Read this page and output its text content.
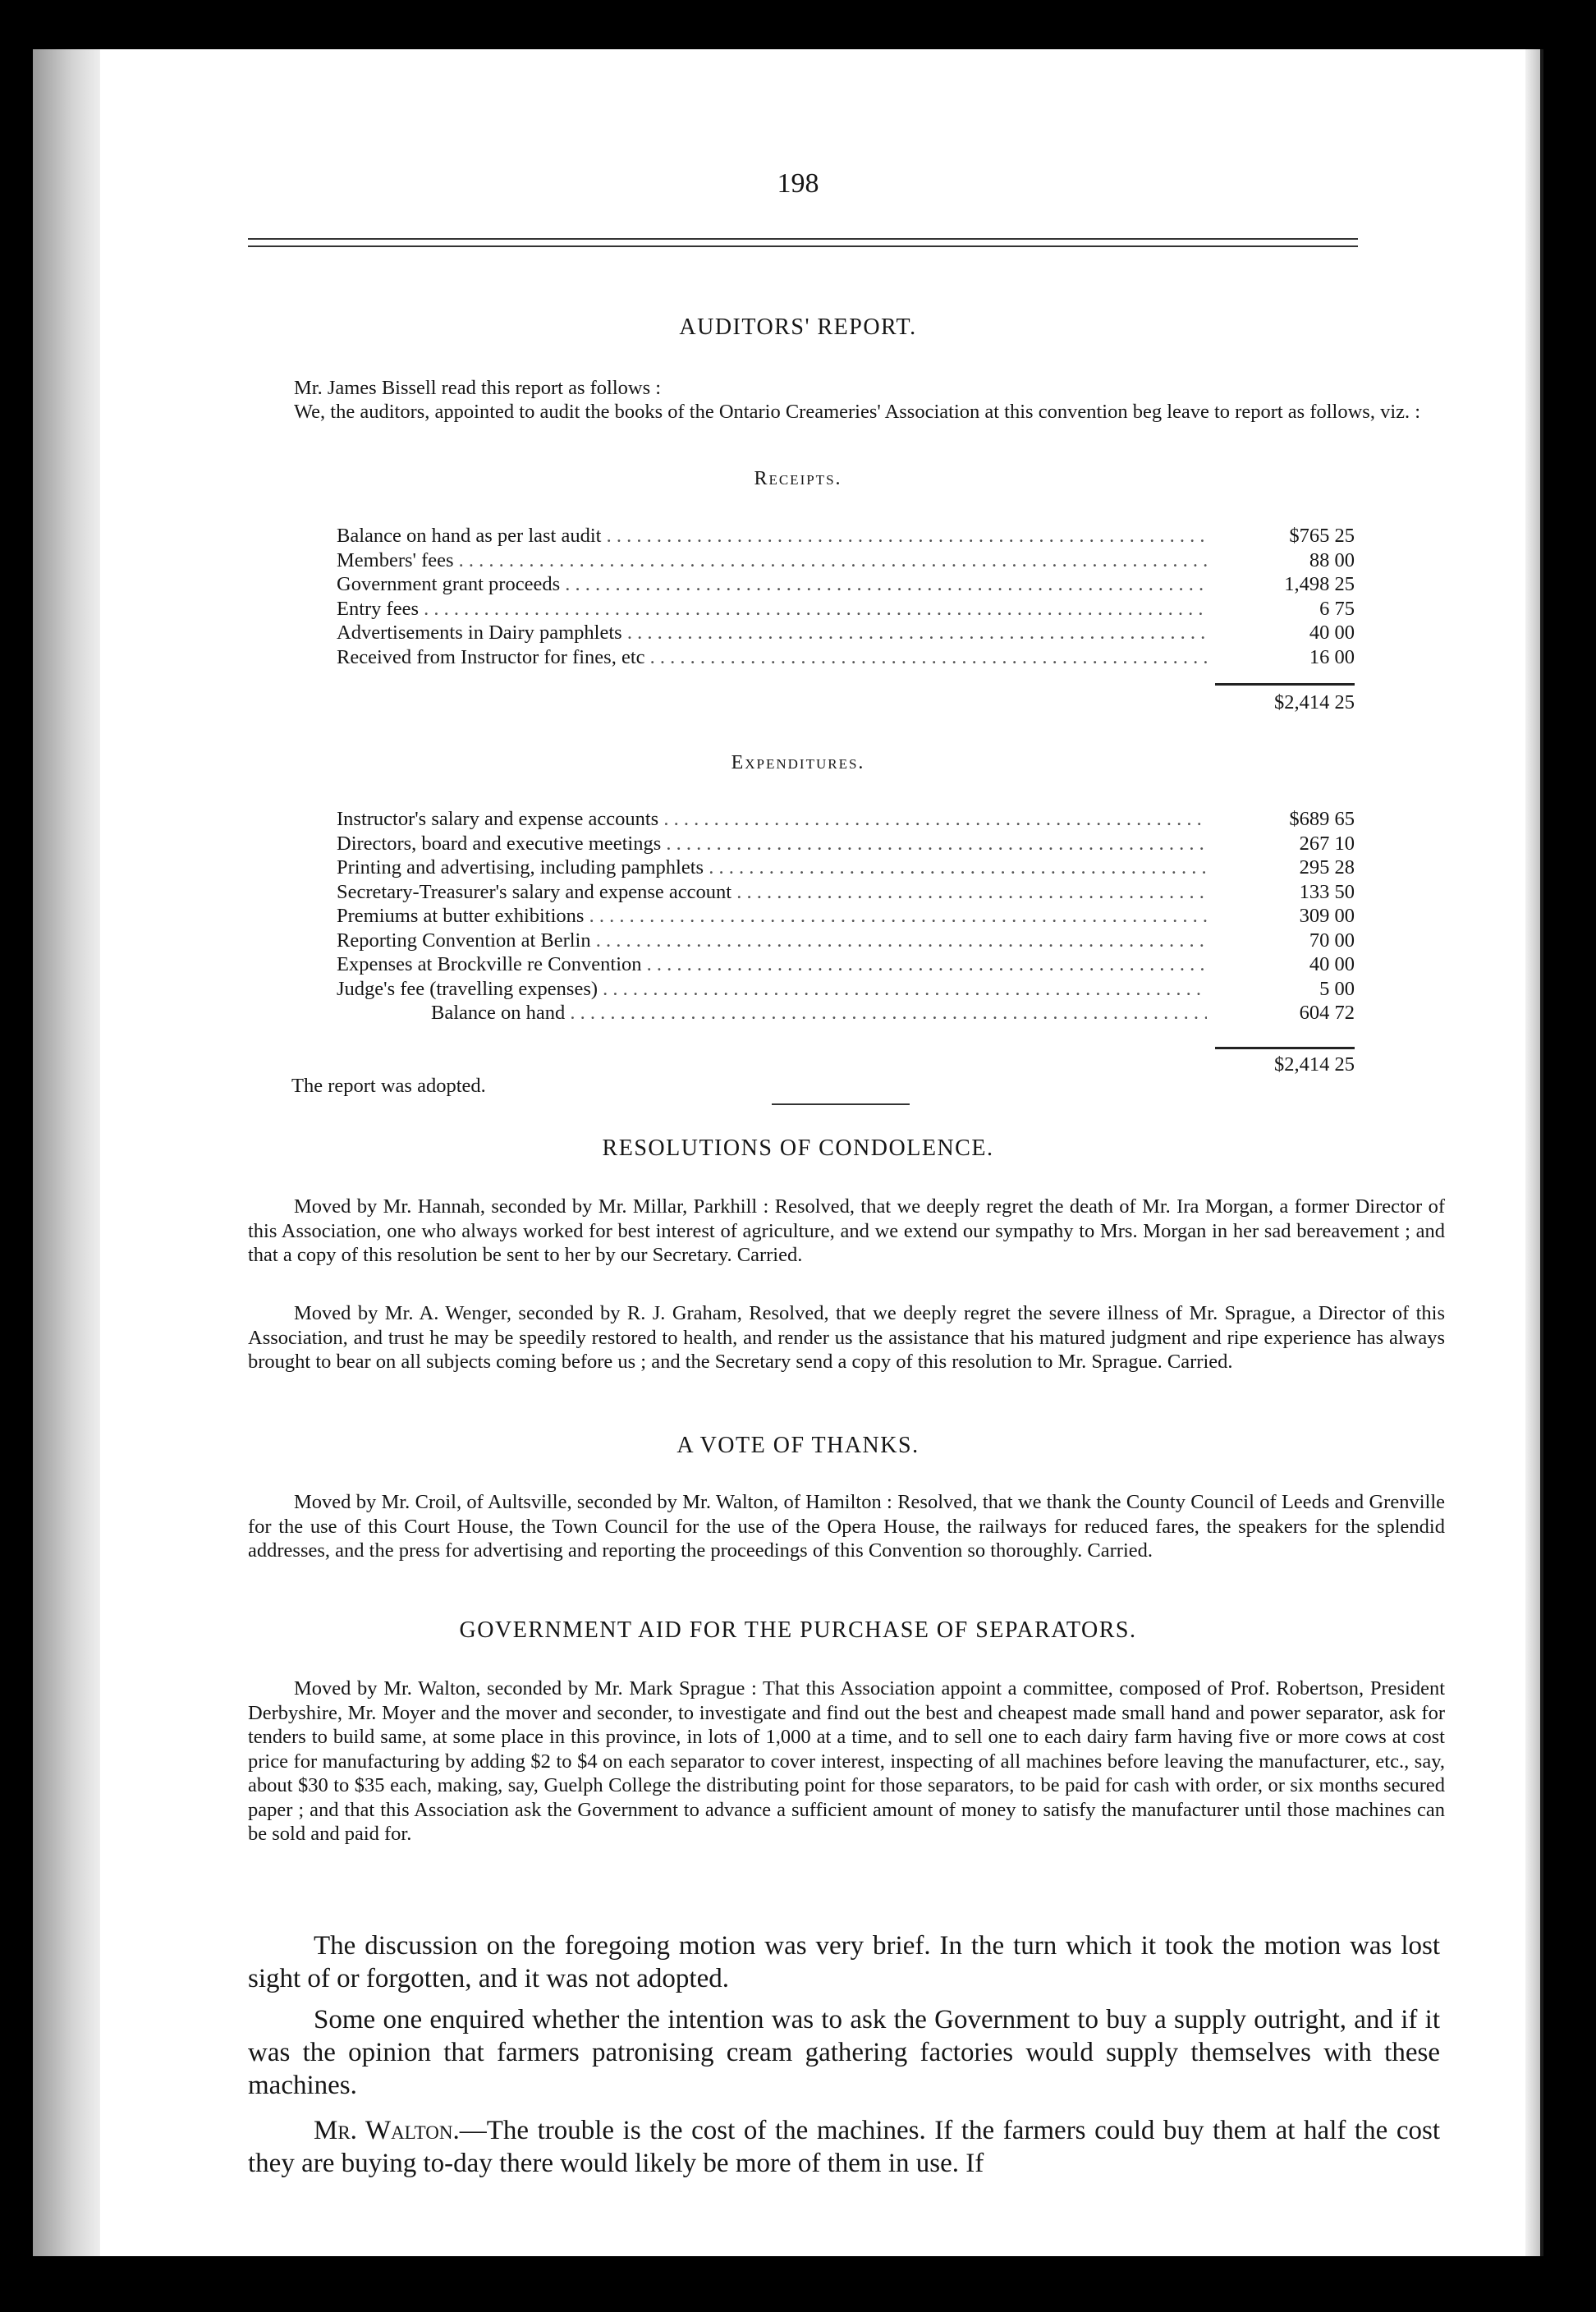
198
AUDITORS' REPORT.
Mr. James Bissell read this report as follows :
We, the auditors, appointed to audit the books of the Ontario Creameries' Association at this convention beg leave to report as follows, viz. :
Receipts.
Balance on hand as per last audit . . .	$765 25
Members' fees . . .	88 00
Government grant proceeds . . .	1,498 25
Entry fees . . .	6 75
Advertisements in Dairy pamphlets . . .	40 00
Received from Instructor for fines, etc . . .	16 00
$2,414 25
Expenditures.
Instructor's salary and expense accounts . . .	$689 65
Directors, board and executive meetings . . .	267 10
Printing and advertising, including pamphlets . . .	295 28
Secretary-Treasurer's salary and expense account . . .	133 50
Premiums at butter exhibitions . . .	309 00
Reporting Convention at Berlin . . .	70 00
Expenses at Brockville re Convention . . .	40 00
Judge's fee (travelling expenses) . . .	5 00
Balance on hand . . .	604 72
$2,414 25
The report was adopted.
RESOLUTIONS OF CONDOLENCE.
Moved by Mr. Hannah, seconded by Mr. Millar, Parkhill : Resolved, that we deeply regret the death of Mr. Ira Morgan, a former Director of this Association, one who always worked for best interest of agriculture, and we extend our sympathy to Mrs. Morgan in her sad bereavement ; and that a copy of this resolution be sent to her by our Secretary. Carried.
Moved by Mr. A. Wenger, seconded by R. J. Graham, Resolved, that we deeply regret the severe illness of Mr. Sprague, a Director of this Association, and trust he may be speedily restored to health, and render us the assistance that his matured judgment and ripe experience has always brought to bear on all subjects coming before us ; and the Secretary send a copy of this resolution to Mr. Sprague. Carried.
A VOTE OF THANKS.
Moved by Mr. Croil, of Aultsville, seconded by Mr. Walton, of Hamilton : Resolved, that we thank the County Council of Leeds and Grenville for the use of this Court House, the Town Council for the use of the Opera House, the railways for reduced fares, the speakers for the splendid addresses, and the press for advertising and reporting the proceedings of this Convention so thoroughly. Carried.
GOVERNMENT AID FOR THE PURCHASE OF SEPARATORS.
Moved by Mr. Walton, seconded by Mr. Mark Sprague : That this Association appoint a committee, composed of Prof. Robertson, President Derbyshire, Mr. Moyer and the mover and seconder, to investigate and find out the best and cheapest made small hand and power separator, ask for tenders to build same, at some place in this province, in lots of 1,000 at a time, and to sell one to each dairy farm having five or more cows at cost price for manufacturing by adding $2 to $4 on each separator to cover interest, inspecting of all machines before leaving the manufacturer, etc., say, about $30 to $35 each, making, say, Guelph College the distributing point for those separators, to be paid for cash with order, or six months secured paper ; and that this Association ask the Government to advance a sufficient amount of money to satisfy the manufacturer until those machines can be sold and paid for.
The discussion on the foregoing motion was very brief. In the turn which it took the motion was lost sight of or forgotten, and it was not adopted.
Some one enquired whether the intention was to ask the Government to buy a supply outright, and if it was the opinion that farmers patronising cream gathering factories would supply themselves with these machines.
Mr. Walton.—The trouble is the cost of the machines. If the farmers could buy them at half the cost they are buying to-day there would likely be more of them in use. If
